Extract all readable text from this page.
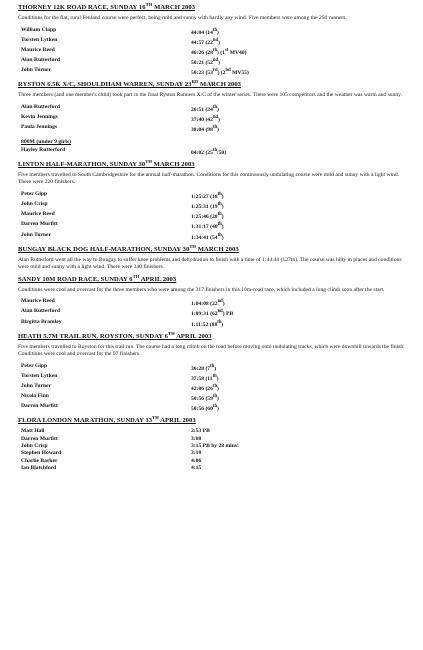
THORNEY 12K ROAD RACE, SUNDAY 16TH MARCH 2003
Conditions for the flat, rural Fenland course were perfect, being mild and sunny with hardly any wind. Five members were among the 250 runners.
William Clapp	44:04 (14th)
Torsten Lytken	44:57 (22nd)
Maurice Reed	46:26 (28th) (1st MV40)
Alan Rutterford	50:21 (52nd)
John Turner	50:23 (53rd) (2nd MV55)
RYSTON 6.5K X/C, SHOULDHAM WARREN, SUNDAY 23RD MARCH 2003
Three members (and one member's child) took part in the final Ryston Runners X/C of the winter series. There were 105 competitors and the weather was warm and sunny.
Alan Rutterford	26:51 (34th)
Kevin Jennings	37:40 (42nd)
Paula Jennings	38:04 (98th)
800M (under 9 girls)
Hayley Rutterford	04:02 (25th/50)
LINTON HALF-MARATHON, SUNDAY 30TH MARCH 2003
Five members travelled to South Cambridgeshire for the annual half-marathon. Conditions for this continuously undulating course were mild and sunny with a light wind. There were 220 finishers.
Peter Gipp	1:25:27 (18th)
John Crisp	1:25:31 (19th)
Maurice Reed	1:25:46 (20th)
Darren Murfitt	1:31:17 (40th)
John Turner	1:34:41 (54th)
BUNGAY BLACK DOG HALF-MARATHON, SUNDAY 30TH MARCH 2003
Alan Rutterford went all the way to Bungay to suffer knee problems and dehydration to finish with a time of 1:44:44 (127th). The course was hilly in places and conditions were mild and sunny with a light wind. There were 340 finishers.
SANDY 10M ROAD RACE, SUNDAY 6TH APRIL 2003
Conditions were cool and overcast for the three members who were among the 317 finishers in this 10m-road race, which included a long climb soon after the start.
Maurice Reed	1:04:08 (22nd)
Alan Rutterford	1:09:31 (62nd) PB
Birgitta Bramley	1:11:52 (88th)
HEATH 5.7M TRAIL RUN, ROYSTON, SUNDAY 6TH APRIL 2003
Five members travelled to Royston for this trail run. The course had a long climb on the road before moving onto undulating tracks, which were downhill towards the finish. Conditions were cool and overcast for the 97 finishers.
Peter Gipp	36:28 (7th)
Torsten Lytken	37:58 (11th)
John Turner	42:06 (26th)
Nicola Finn	50:56 (59th)
Darren Murfitt	50:56 (60th)
FLORA LONDON MARATHON, SUNDAY 13TH APRIL 2003
Matt Hall	2:53 PB
Darren Murfitt	3:08
John Crisp	3:15 PB by 28 mins!
Stephen Howard	3:18
Charlie Barker	4:06
Ian Blatchford	4:15
